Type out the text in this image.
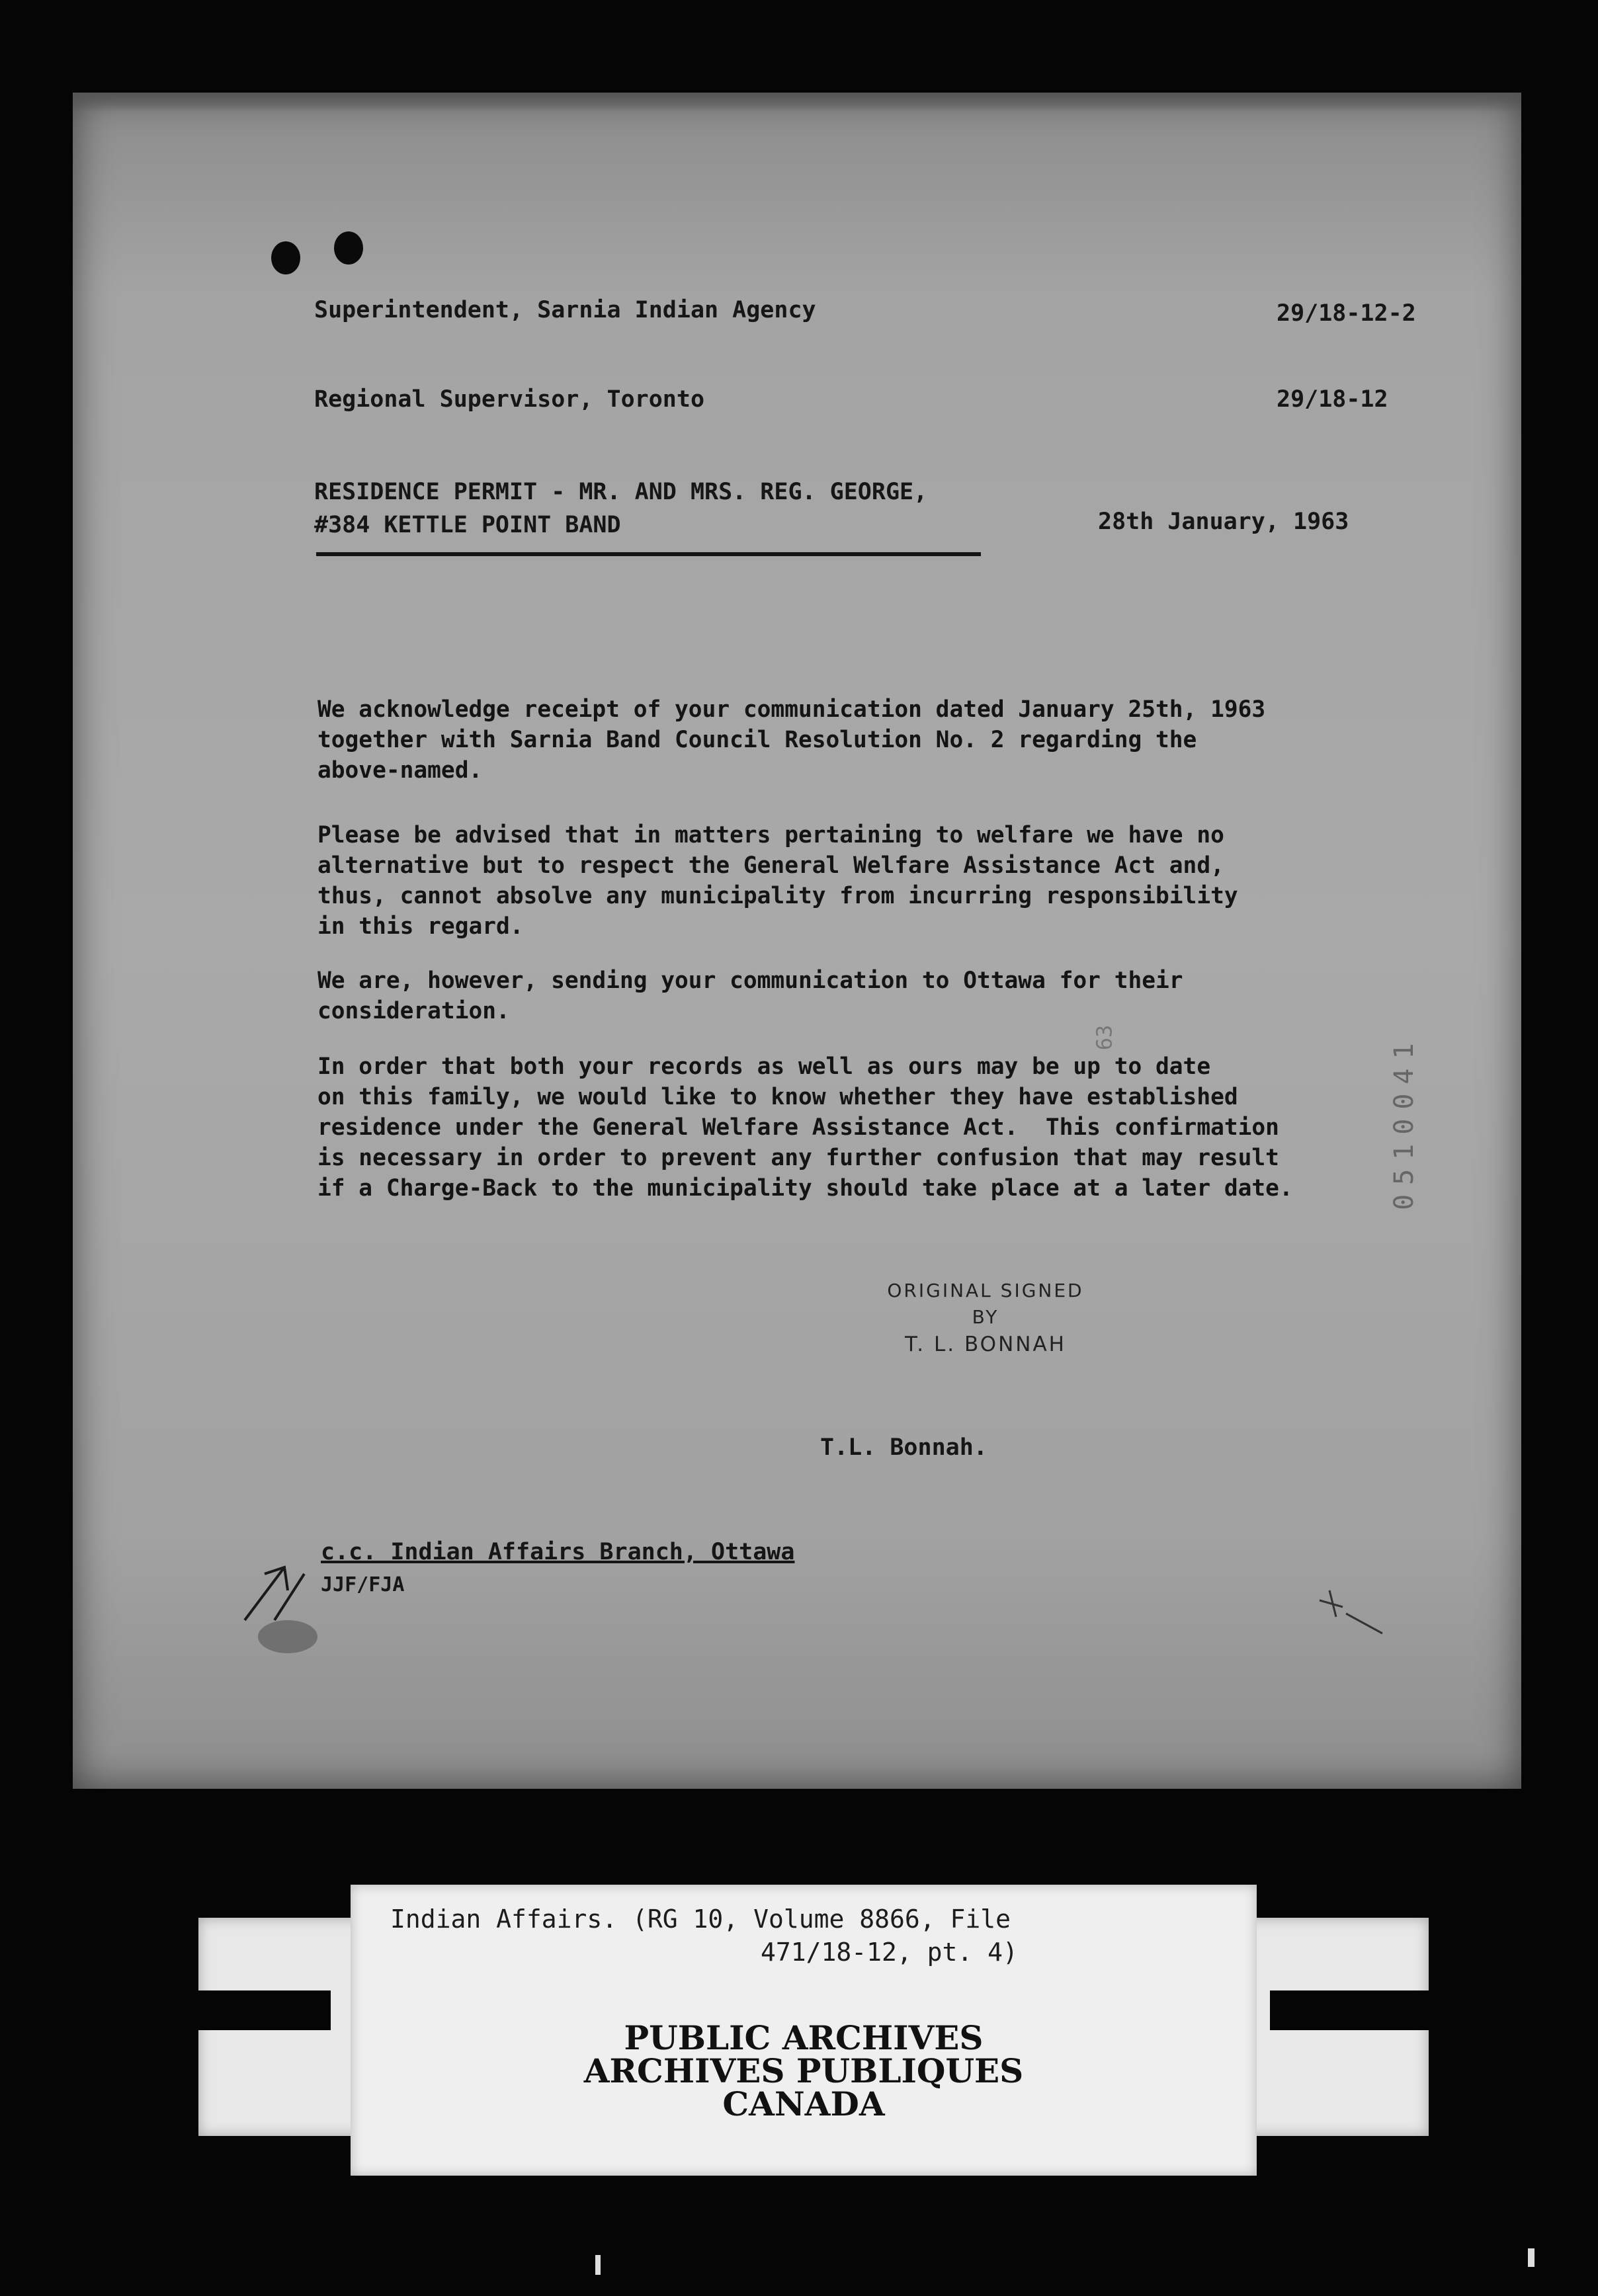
Superintendent, Sarnia Indian Agency	29/18-12-2
Regional Supervisor, Toronto	29/18-12
RESIDENCE PERMIT - MR. AND MRS. REG. GEORGE,
#384 KETTLE POINT BAND	28th January, 1963
We acknowledge receipt of your communication dated January 25th, 1963
together with Sarnia Band Council Resolution No. 2 regarding the
above-named.
Please be advised that in matters pertaining to welfare we have no
alternative but to respect the General Welfare Assistance Act and,
thus, cannot absolve any municipality from incurring responsibility
in this regard.
We are, however, sending your communication to Ottawa for their
consideration.
In order that both your records as well as ours may be up to date
on this family, we would like to know whether they have established
residence under the General Welfare Assistance Act.  This confirmation
is necessary in order to prevent any further confusion that may result
if a Charge-Back to the municipality should take place at a later date.
ORIGINAL SIGNED
BY
T. L. BONNAH
T.L. Bonnah.
c.c. Indian Affairs Branch, Ottawa
JJF/FJA
0510041
63
Indian Affairs. (RG 10, Volume 8866, File
471/18-12, pt. 4)
PUBLIC ARCHIVES
ARCHIVES PUBLIQUES
CANADA
